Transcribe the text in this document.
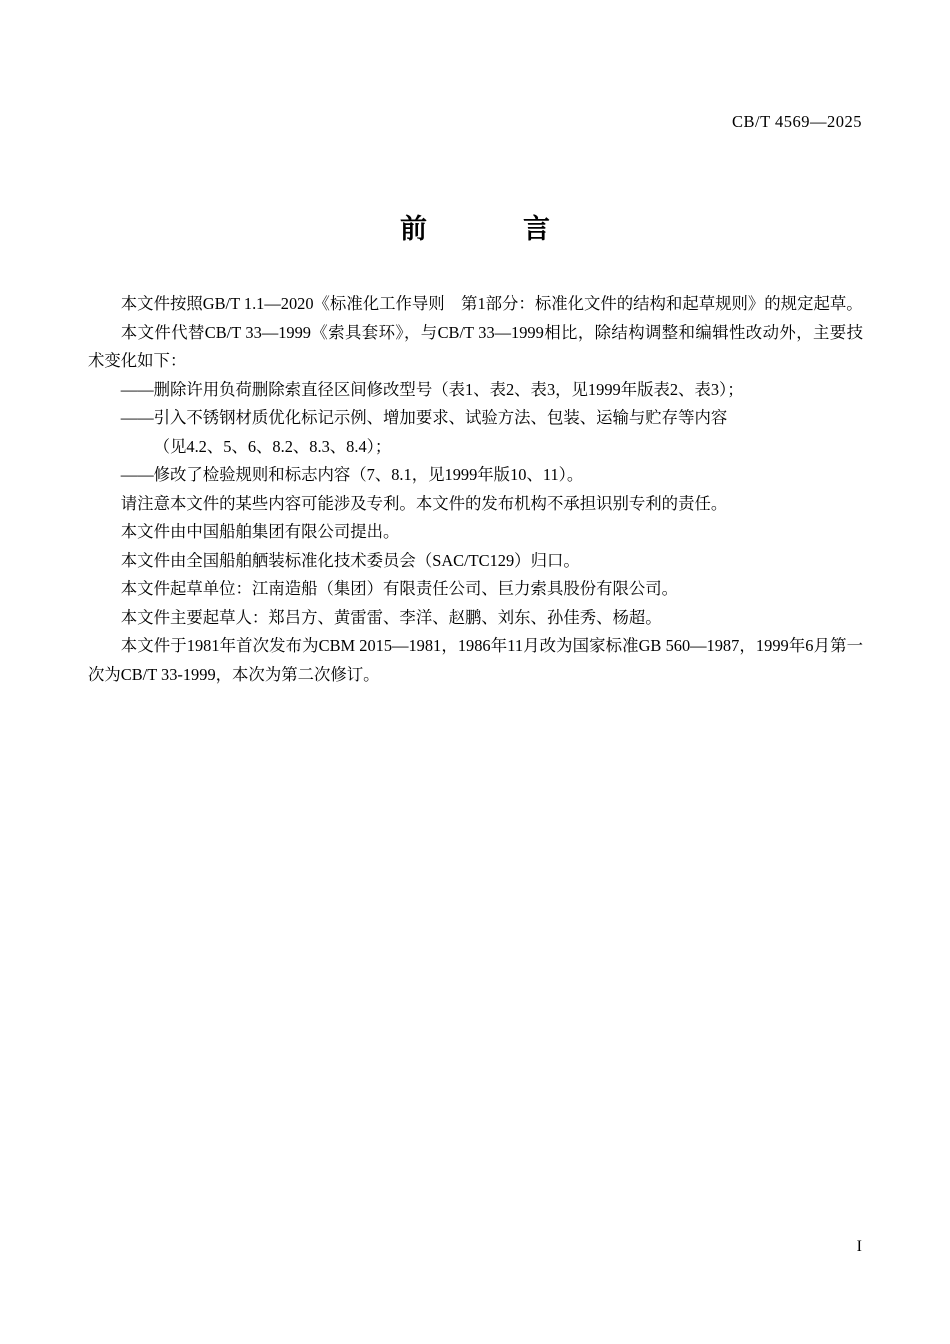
CB/T 4569—2025
前　　言

本文件按照GB/T 1.1—2020《标准化工作导则　第1部分：标准化文件的结构和起草规则》的规定起草。

本文件代替CB/T 33—1999《索具套环》，与CB/T 33—1999相比，除结构调整和编辑性改动外，主要技术变化如下：

——删除许用负荷删除索直径区间修改型号（表1、表2、表3，见1999年版表2、表3）；

——引入不锈钢材质优化标记示例、增加要求、试验方法、包装、运输与贮存等内容

（见4.2、5、6、8.2、8.3、8.4）；

——修改了检验规则和标志内容（7、8.1，见1999年版10、11）。

请注意本文件的某些内容可能涉及专利。本文件的发布机构不承担识别专利的责任。

本文件由中国船舶集团有限公司提出。

本文件由全国船舶舾装标准化技术委员会（SAC/TC129）归口。

本文件起草单位：江南造船（集团）有限责任公司、巨力索具股份有限公司。

本文件主要起草人：郑吕方、黄雷雷、李洋、赵鹏、刘东、孙佳秀、杨超。

本文件于1981年首次发布为CBM 2015—1981，1986年11月改为国家标准GB 560—1987，1999年6月第一次为CB/T 33-1999，本次为第二次修订。

I
